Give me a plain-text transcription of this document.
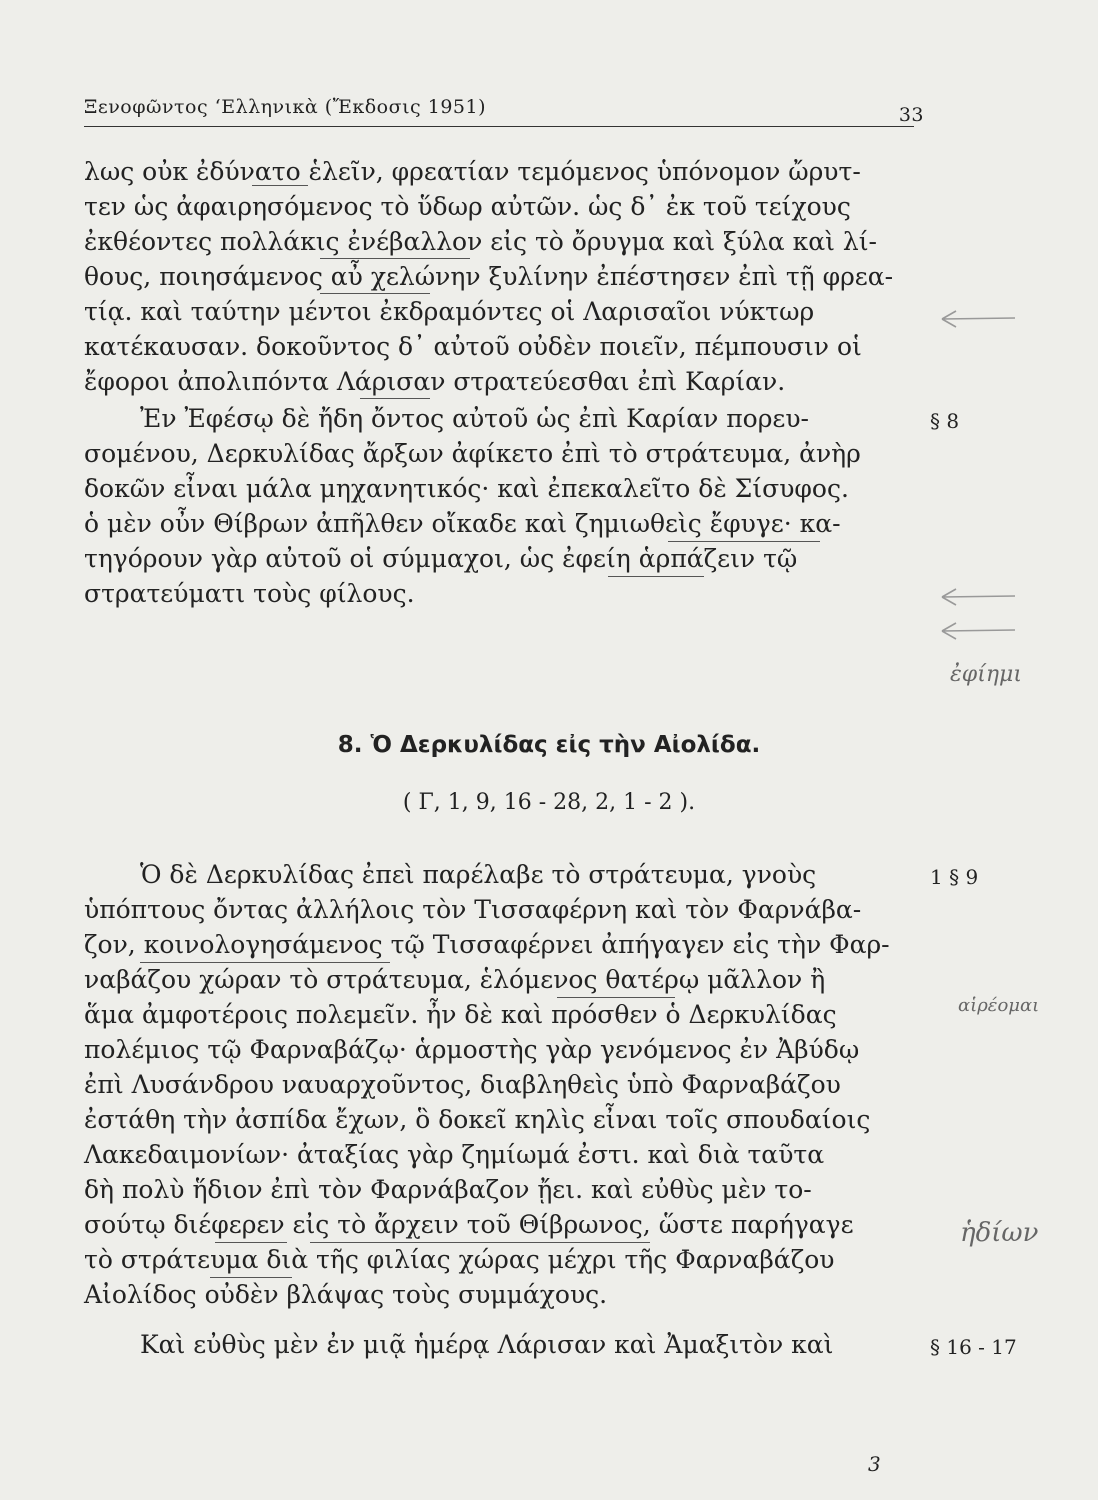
Ξενοφῶντος ‘Ελληνικὰ (Ἔκδοσις 1951)	33
λως οὐκ ἐδύνατο ἑλεῖν, φρεατίαν τεμόμενος ὑπόνομον ὤρυτ-
τεν ὡς ἀφαιρησόμενος τὸ ὕδωρ αὐτῶν. ὡς δ᾽ ἐκ τοῦ τείχους
ἐκθέοντες πολλάκις ἐνέβαλλον εἰς τὸ ὄρυγμα καὶ ξύλα καὶ λί-
θους, ποιησάμενος αὖ χελώνην ξυλίνην ἐπέστησεν ἐπὶ τῇ φρεα-
τίᾳ. καὶ ταύτην μέντοι ἐκδραμόντες οἱ Λαρισαῖοι νύκτωρ
κατέκαυσαν. δοκοῦντος δ᾽ αὐτοῦ οὐδὲν ποιεῖν, πέμπουσιν οἱ
ἔφοροι ἀπολιπόντα Λάρισαν στρατεύεσθαι ἐπὶ Καρίαν.
Ἐν Ἐφέσῳ δὲ ἤδη ὄντος αὐτοῦ ὡς ἐπὶ Καρίαν πορευ-
σομένου, Δερκυλίδας ἄρξων ἀφίκετο ἐπὶ τὸ στράτευμα, ἀνὴρ
δοκῶν εἶναι μάλα μηχανητικός· καὶ ἐπεκαλεῖτο δὲ Σίσυφος.
ὁ μὲν οὖν Θίβρων ἀπῆλθεν οἴκαδε καὶ ζημιωθεὶς ἔφυγε· κα-
τηγόρουν γὰρ αὐτοῦ οἱ σύμμαχοι, ὡς ἐφείη ἁρπάζειν τῷ
στρατεύματι τοὺς φίλους.
§ 8
8. Ὁ Δερκυλίδας εἰς τὴν Αἰολίδα.
( Γ, 1, 9, 16 - 28, 2, 1 - 2 ).
Ὁ δὲ Δερκυλίδας ἐπεὶ παρέλαβε τὸ στράτευμα, γνοὺς
ὑπόπτους ὄντας ἀλλήλοις τὸν Τισσαφέρνη καὶ τὸν Φαρνάβα-
ζον, κοινολογησάμενος τῷ Τισσαφέρνει ἀπήγαγεν εἰς τὴν Φαρ-
ναβάζου χώραν τὸ στράτευμα, ἑλόμενος θατέρῳ μᾶλλον ἢ
ἅμα ἀμφοτέροις πολεμεῖν. ἦν δὲ καὶ πρόσθεν ὁ Δερκυλίδας
πολέμιος τῷ Φαρναβάζῳ· ἁρμοστὴς γὰρ γενόμενος ἐν Ἀβύδῳ
ἐπὶ Λυσάνδρου ναυαρχοῦντος, διαβληθεὶς ὑπὸ Φαρναβάζου
ἐστάθη τὴν ἀσπίδα ἔχων, ὃ δοκεῖ κηλὶς εἶναι τοῖς σπουδαίοις
Λακεδαιμονίων· ἀταξίας γὰρ ζημίωμά ἐστι. καὶ διὰ ταῦτα
δὴ πολὺ ἥδιον ἐπὶ τὸν Φαρνάβαζον ᾔει. καὶ εὐθὺς μὲν το-
σούτῳ διέφερεν εἰς τὸ ἄρχειν τοῦ Θίβρωνος, ὥστε παρήγαγε
τὸ στράτευμα διὰ τῆς φιλίας χώρας μέχρι τῆς Φαρναβάζου
Αἰολίδος οὐδὲν βλάψας τοὺς συμμάχους.
1 § 9
Καὶ εὐθὺς μὲν ἐν μιᾷ ἡμέρᾳ Λάρισαν καὶ Ἀμαξιτὸν καὶ	§ 16 - 17
ἐφίημι
αἱρέομαι
ἡδίων
3
